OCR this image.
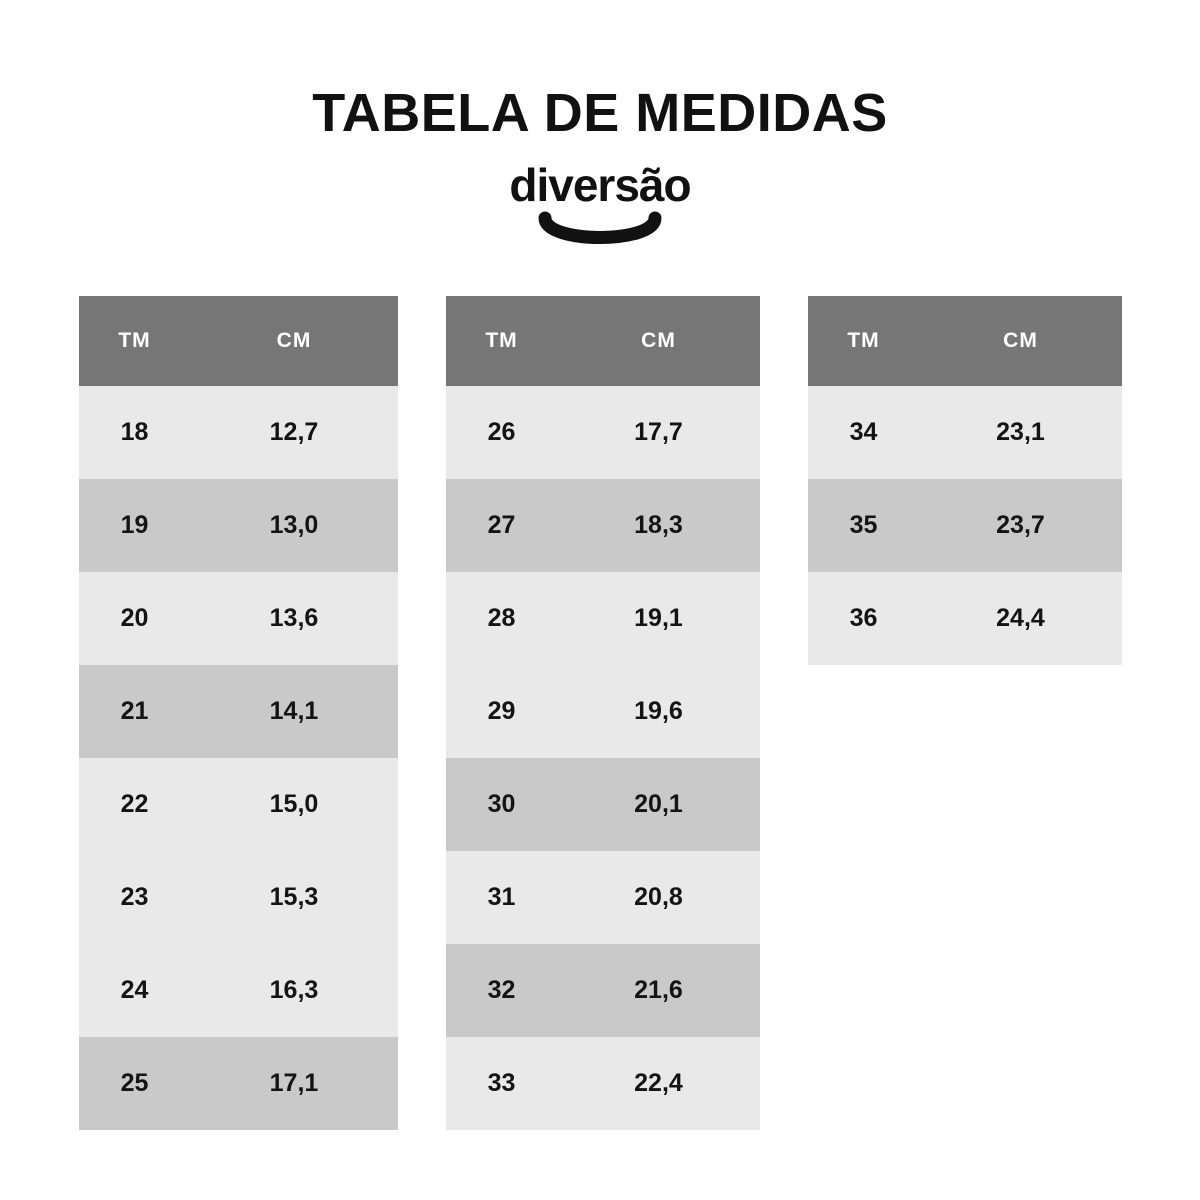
TABELA DE MEDIDAS
diversão
TM	CM
18	12,7
19	13,0
20	13,6
21	14,1
22	15,0
23	15,3
24	16,3
25	17,1
TM	CM
26	17,7
27	18,3
28	19,1
29	19,6
30	20,1
31	20,8
32	21,6
33	22,4
TM	CM
34	23,1
35	23,7
36	24,4
